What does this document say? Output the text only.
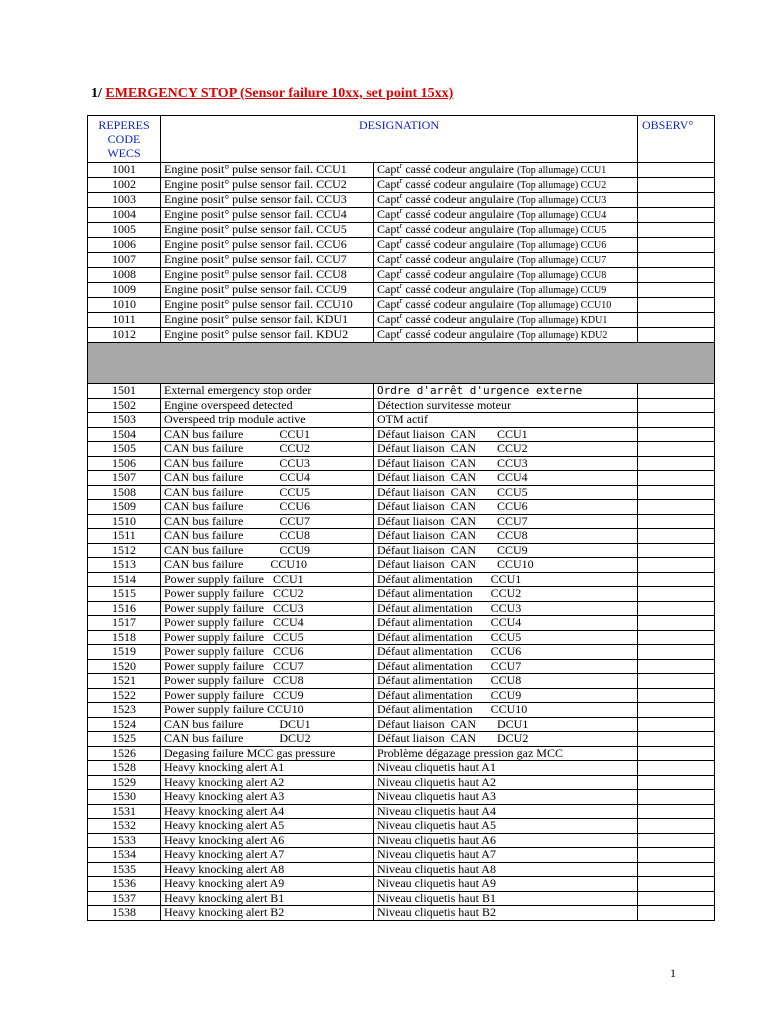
1/ EMERGENCY STOP (Sensor failure 10xx, set point 15xx)
REPERES
CODE
WECS	DESIGNATION		OBSERV°
1001	Engine posit° pulse sensor fail. CCU1	Capt$^r$ cassé codeur angulaire (Top allumage) CCU1	
1002	Engine posit° pulse sensor fail. CCU2	Capt$^r$ cassé codeur angulaire (Top allumage) CCU2	
1003	Engine posit° pulse sensor fail. CCU3	Capt$^r$ cassé codeur angulaire (Top allumage) CCU3	
1004	Engine posit° pulse sensor fail. CCU4	Capt$^r$ cassé codeur angulaire (Top allumage) CCU4	
1005	Engine posit° pulse sensor fail. CCU5	Capt$^r$ cassé codeur angulaire (Top allumage) CCU5	
1006	Engine posit° pulse sensor fail. CCU6	Capt$^r$ cassé codeur angulaire (Top allumage) CCU6	
1007	Engine posit° pulse sensor fail. CCU7	Capt$^r$ cassé codeur angulaire (Top allumage) CCU7	
1008	Engine posit° pulse sensor fail. CCU8	Capt$^r$ cassé codeur angulaire (Top allumage) CCU8	
1009	Engine posit° pulse sensor fail. CCU9	Capt$^r$ cassé codeur angulaire (Top allumage) CCU9	
1010	Engine posit° pulse sensor fail. CCU10	Capt$^r$ cassé codeur angulaire (Top allumage) CCU10	
1011	Engine posit° pulse sensor fail. KDU1	Capt$^r$ cassé codeur angulaire (Top allumage) KDU1	
1012	Engine posit° pulse sensor fail. KDU2	Capt$^r$ cassé codeur angulaire (Top allumage) KDU2	

1501	External emergency stop order	Ordre d'arrêt d'urgence externe	
1502	Engine overspeed detected	Détection survitesse moteur	
1503	Overspeed trip module active	OTM actif	
1504	CAN bus failure            CCU1	Défaut liaison  CAN       CCU1	
1505	CAN bus failure            CCU2	Défaut liaison  CAN       CCU2	
1506	CAN bus failure            CCU3	Défaut liaison  CAN       CCU3	
1507	CAN bus failure            CCU4	Défaut liaison  CAN       CCU4	
1508	CAN bus failure            CCU5	Défaut liaison  CAN       CCU5	
1509	CAN bus failure            CCU6	Défaut liaison  CAN       CCU6	
1510	CAN bus failure            CCU7	Défaut liaison  CAN       CCU7	
1511	CAN bus failure            CCU8	Défaut liaison  CAN       CCU8	
1512	CAN bus failure            CCU9	Défaut liaison  CAN       CCU9	
1513	CAN bus failure         CCU10	Défaut liaison  CAN       CCU10	
1514	Power supply failure   CCU1	Défaut alimentation      CCU1	
1515	Power supply failure   CCU2	Défaut alimentation      CCU2	
1516	Power supply failure   CCU3	Défaut alimentation      CCU3	
1517	Power supply failure   CCU4	Défaut alimentation      CCU4	
1518	Power supply failure   CCU5	Défaut alimentation      CCU5	
1519	Power supply failure   CCU6	Défaut alimentation      CCU6	
1520	Power supply failure   CCU7	Défaut alimentation      CCU7	
1521	Power supply failure   CCU8	Défaut alimentation      CCU8	
1522	Power supply failure   CCU9	Défaut alimentation      CCU9	
1523	Power supply failure CCU10	Défaut alimentation      CCU10	
1524	CAN bus failure            DCU1	Défaut liaison  CAN       DCU1	
1525	CAN bus failure            DCU2	Défaut liaison  CAN       DCU2	
1526	Degasing failure MCC gas pressure	Problème dégazage pression gaz MCC	
1528	Heavy knocking alert A1	Niveau cliquetis haut A1	
1529	Heavy knocking alert A2	Niveau cliquetis haut A2	
1530	Heavy knocking alert A3	Niveau cliquetis haut A3	
1531	Heavy knocking alert A4	Niveau cliquetis haut A4	
1532	Heavy knocking alert A5	Niveau cliquetis haut A5	
1533	Heavy knocking alert A6	Niveau cliquetis haut A6	
1534	Heavy knocking alert A7	Niveau cliquetis haut A7	
1535	Heavy knocking alert A8	Niveau cliquetis haut A8	
1536	Heavy knocking alert A9	Niveau cliquetis haut A9	
1537	Heavy knocking alert B1	Niveau cliquetis haut B1	
1538	Heavy knocking alert B2	Niveau cliquetis haut B2	
1
